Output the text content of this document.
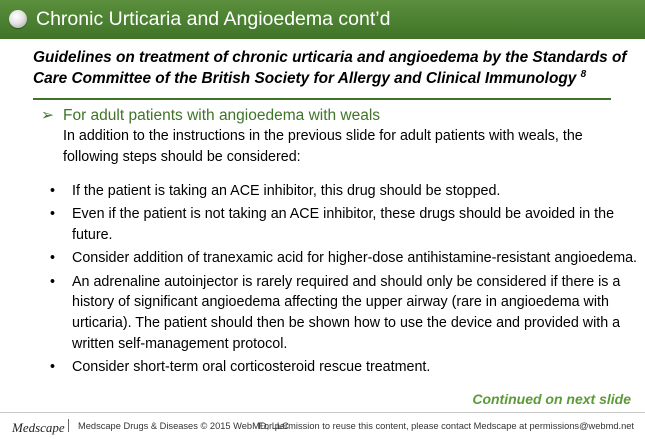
Chronic Urticaria and Angioedema cont’d
Guidelines on treatment of chronic urticaria and angioedema by the Standards of Care Committee of the British Society for Allergy and Clinical Immunology $^8$
➢ For adult patients with angioedema with weals
In addition to the instructions in the previous slide for adult patients with weals, the following steps should be considered:
• If the patient is taking an ACE inhibitor, this drug should be stopped.
• Even if the patient is not taking an ACE inhibitor, these drugs should be avoided in the future.
• Consider addition of tranexamic acid for higher-dose antihistamine-resistant angioedema.
• An adrenaline autoinjector is rarely required and should only be considered if there is a history of significant angioedema affecting the upper airway (rare in angioedema with urticaria). The patient should then be shown how to use the device and provided with a written self-management protocol.
• Consider short-term oral corticosteroid rescue treatment.
Continued on next slide
Medscape Medscape Drugs & Diseases © 2015 WebMD, LLC
For permission to reuse this content, please contact Medscape at permissions@webmd.net
